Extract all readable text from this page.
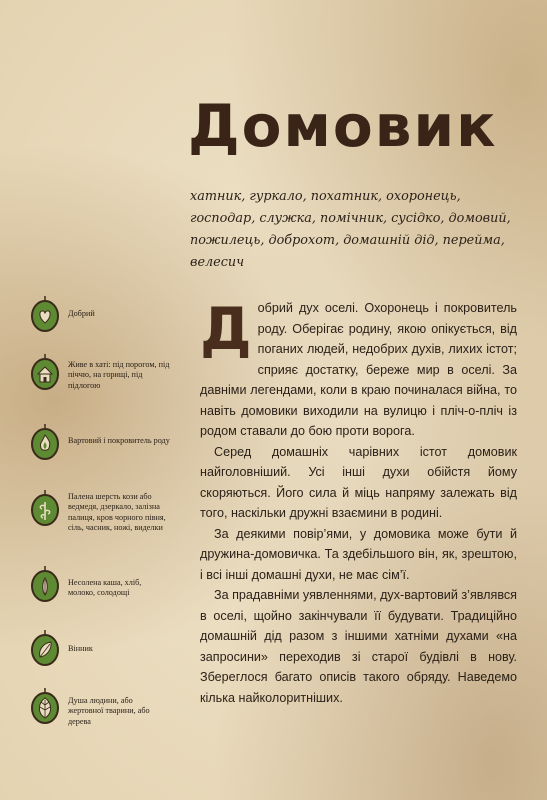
Домовик

хатник, гуркало, похатник, охоронець, господар, служка, помічник, сусідко, домовий, пожилець, доброхот, домашній дід, перейма, велесич

Добрий
Живе в хаті: під порогом, під піччю, на горищі, під підлогою
Вартовий і покровитель роду
Палена шерсть кози або ведмедя, дзеркало, залізна палиця, кров чорного півня, сіль, часник, ножі, виделки
Несолена каша, хліб, молоко, солодощі
Вінник
Душа людини, або жертовної тварини, або дерева

Добрий дух оселі. Охоронець і покровитель роду. Оберігає родину, якою опікується, від поганих людей, недобрих духів, лихих істот; сприяє достатку, береже мир в оселі. За давніми легендами, коли в краю починалася війна, то навіть домовики виходили на вулицю і пліч-о-пліч із родом ставали до бою проти ворога.

Серед домашніх чарівних істот домовик найголовніший. Усі інші духи обійстя йому скоряються. Його сила й міць напряму залежать від того, наскільки дружні взаємини в родині.

За деякими повір’ями, у домовика може бути й дружина-домовичка. Та здебільшого він, як, зрештою, і всі інші домашні духи, не має сім’ї.

За прадавніми уявленнями, дух-вартовий з’являвся в оселі, щойно закінчували її будувати. Традиційно домашній дід разом з іншими хатніми духами «на запросини» переходив зі старої будівлі в нову. Збереглося багато описів такого обряду. Наведемо кілька найколоритніших.
